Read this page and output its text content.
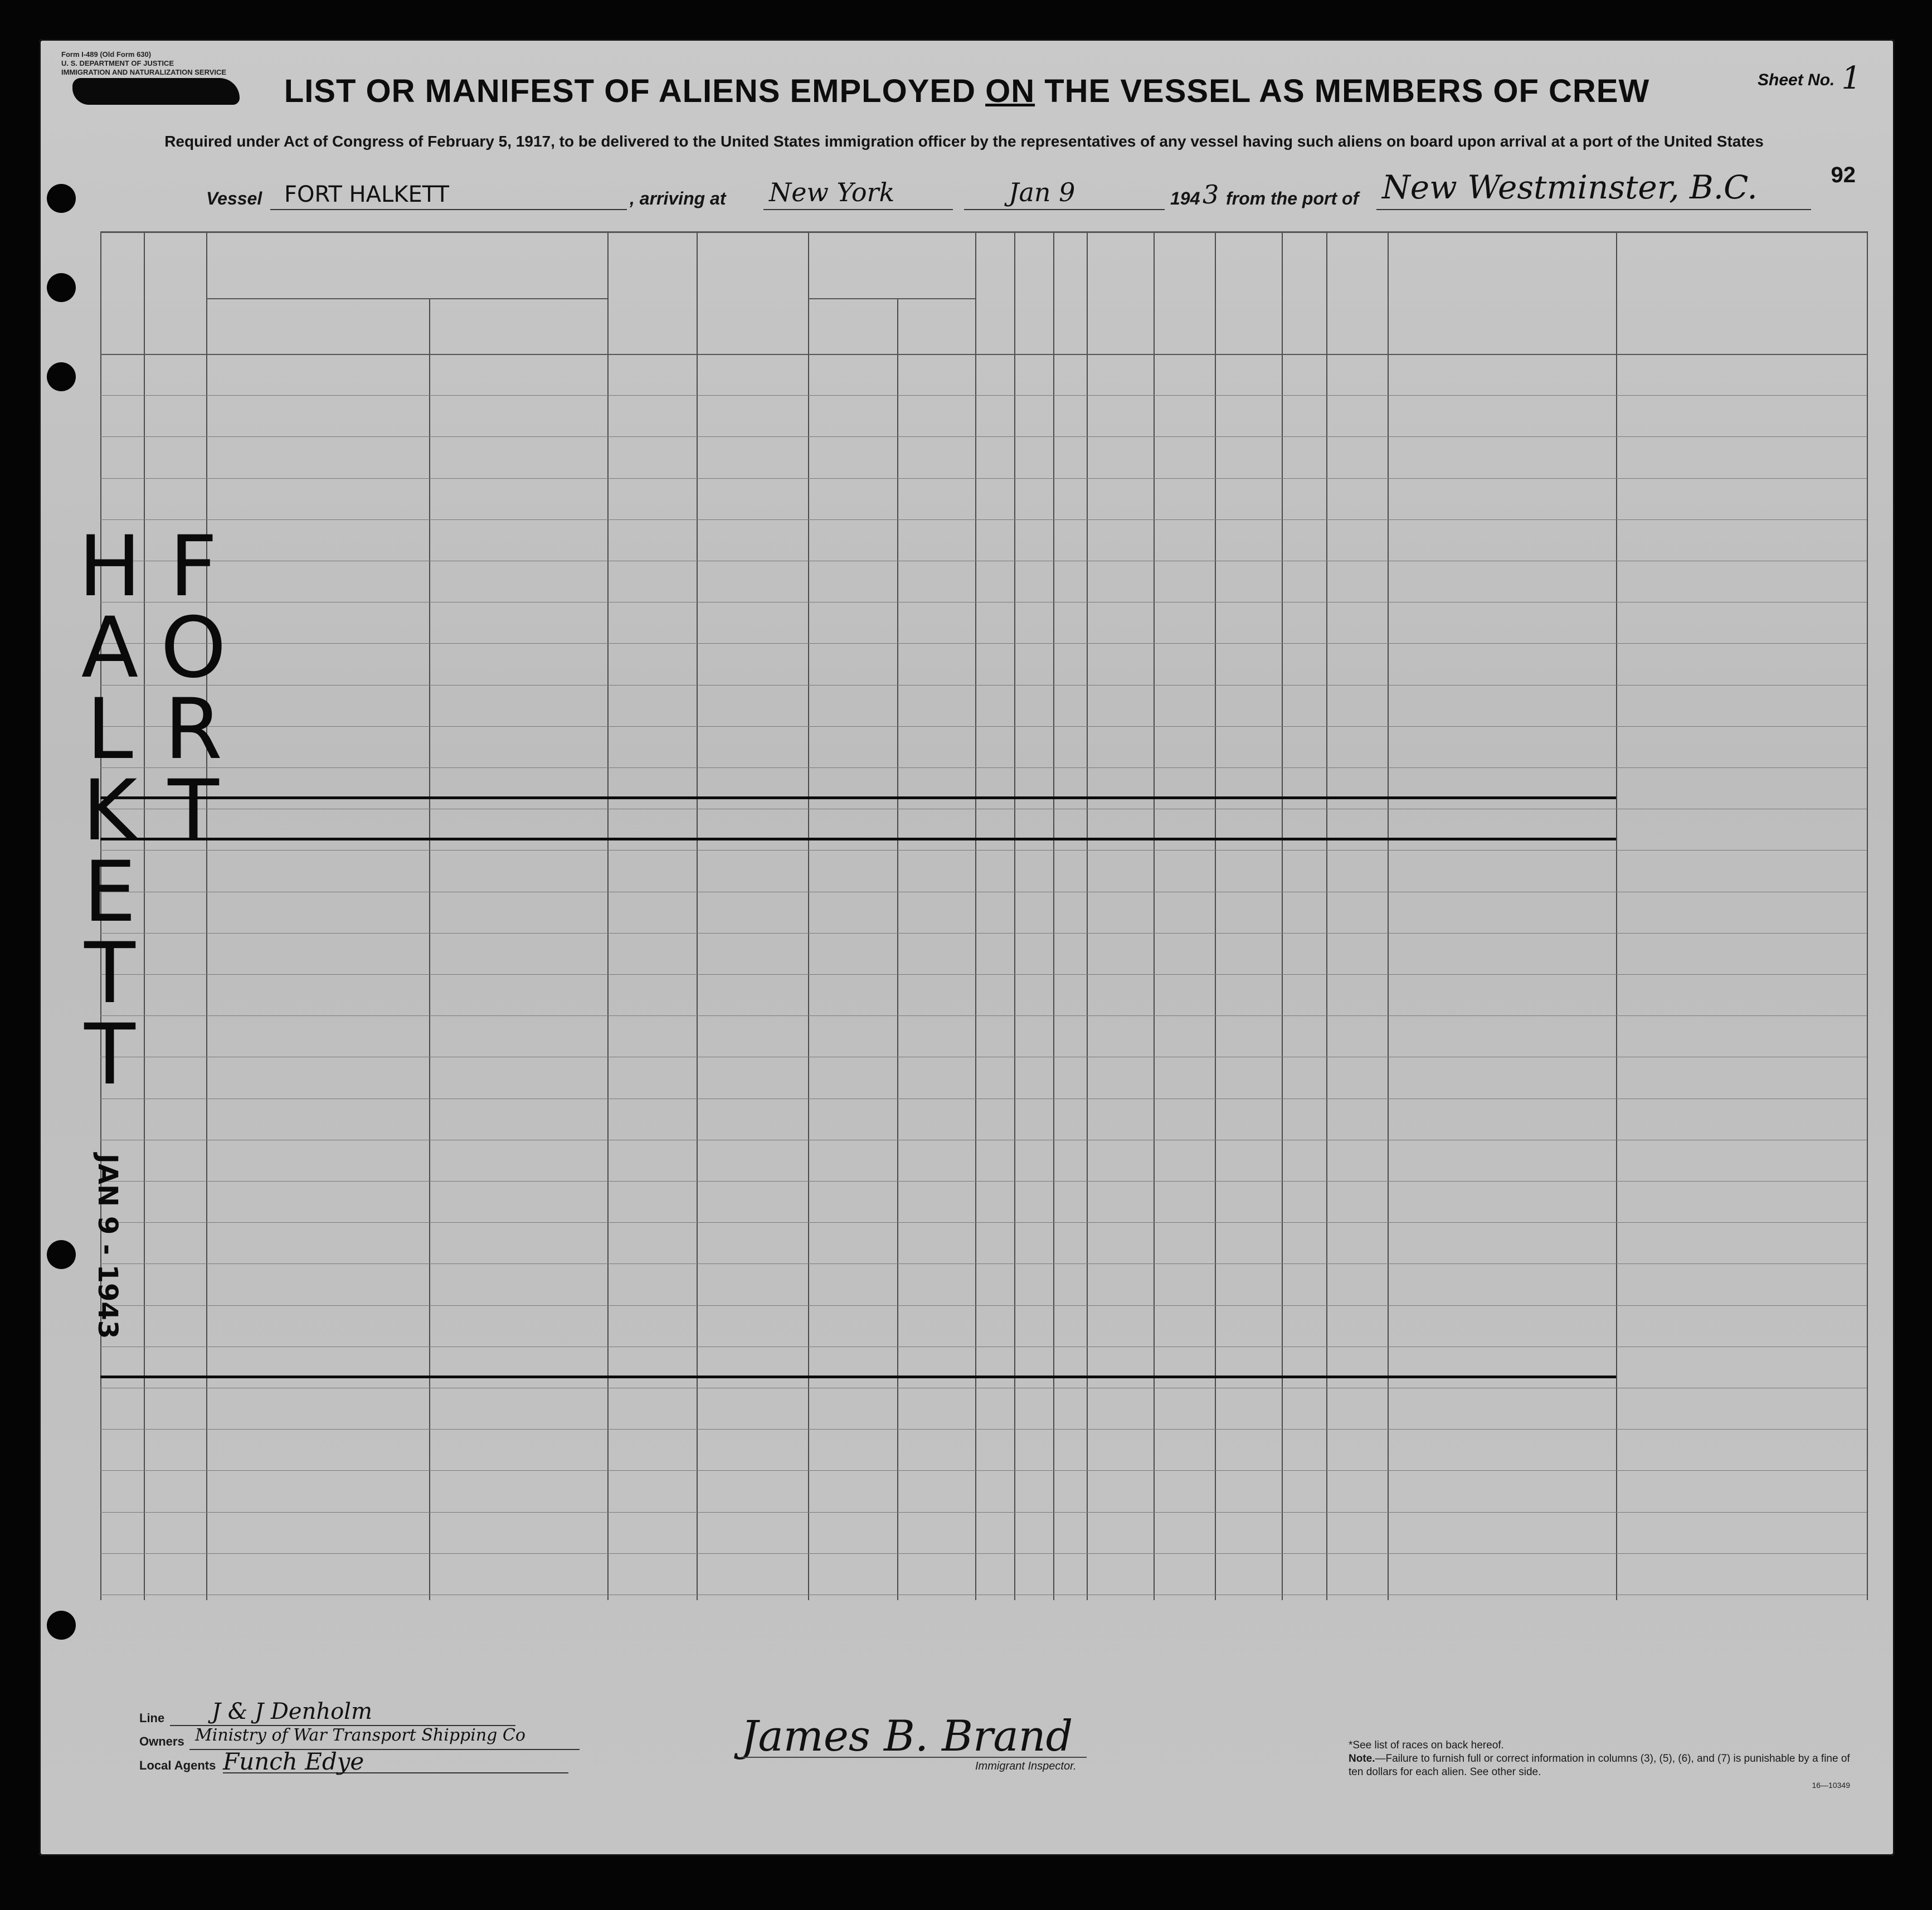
Form I-489 (Old Form 630)
U. S. DEPARTMENT OF JUSTICE
IMMIGRATION AND NATURALIZATION SERVICE	Sheet No. 1
LIST OR MANIFEST OF ALIENS EMPLOYED ON THE VESSEL AS MEMBERS OF CREW
Required under Act of Congress of February 5, 1917, to be delivered to the United States immigration officer by the representatives of any vessel having such aliens on board upon arrival at a port of the United States
92
Vessel FORT HALKETT	, arriving at New York	Jan 9	194 3 from the port of New Westminster, B.C.
FORT HALKETT
JAN 9 - 1943
Line J & J Denholm
Owners Ministry of War Transport Shipping Co
Local Agents Funch Edye
James B. Brand
Immigrant Inspector.
*See list of races on back hereof.
Note.—Failure to furnish full or correct information in columns (3), (5), (6), and (7) is punishable by a fine of ten dollars for each alien. See other side.
16—10349
